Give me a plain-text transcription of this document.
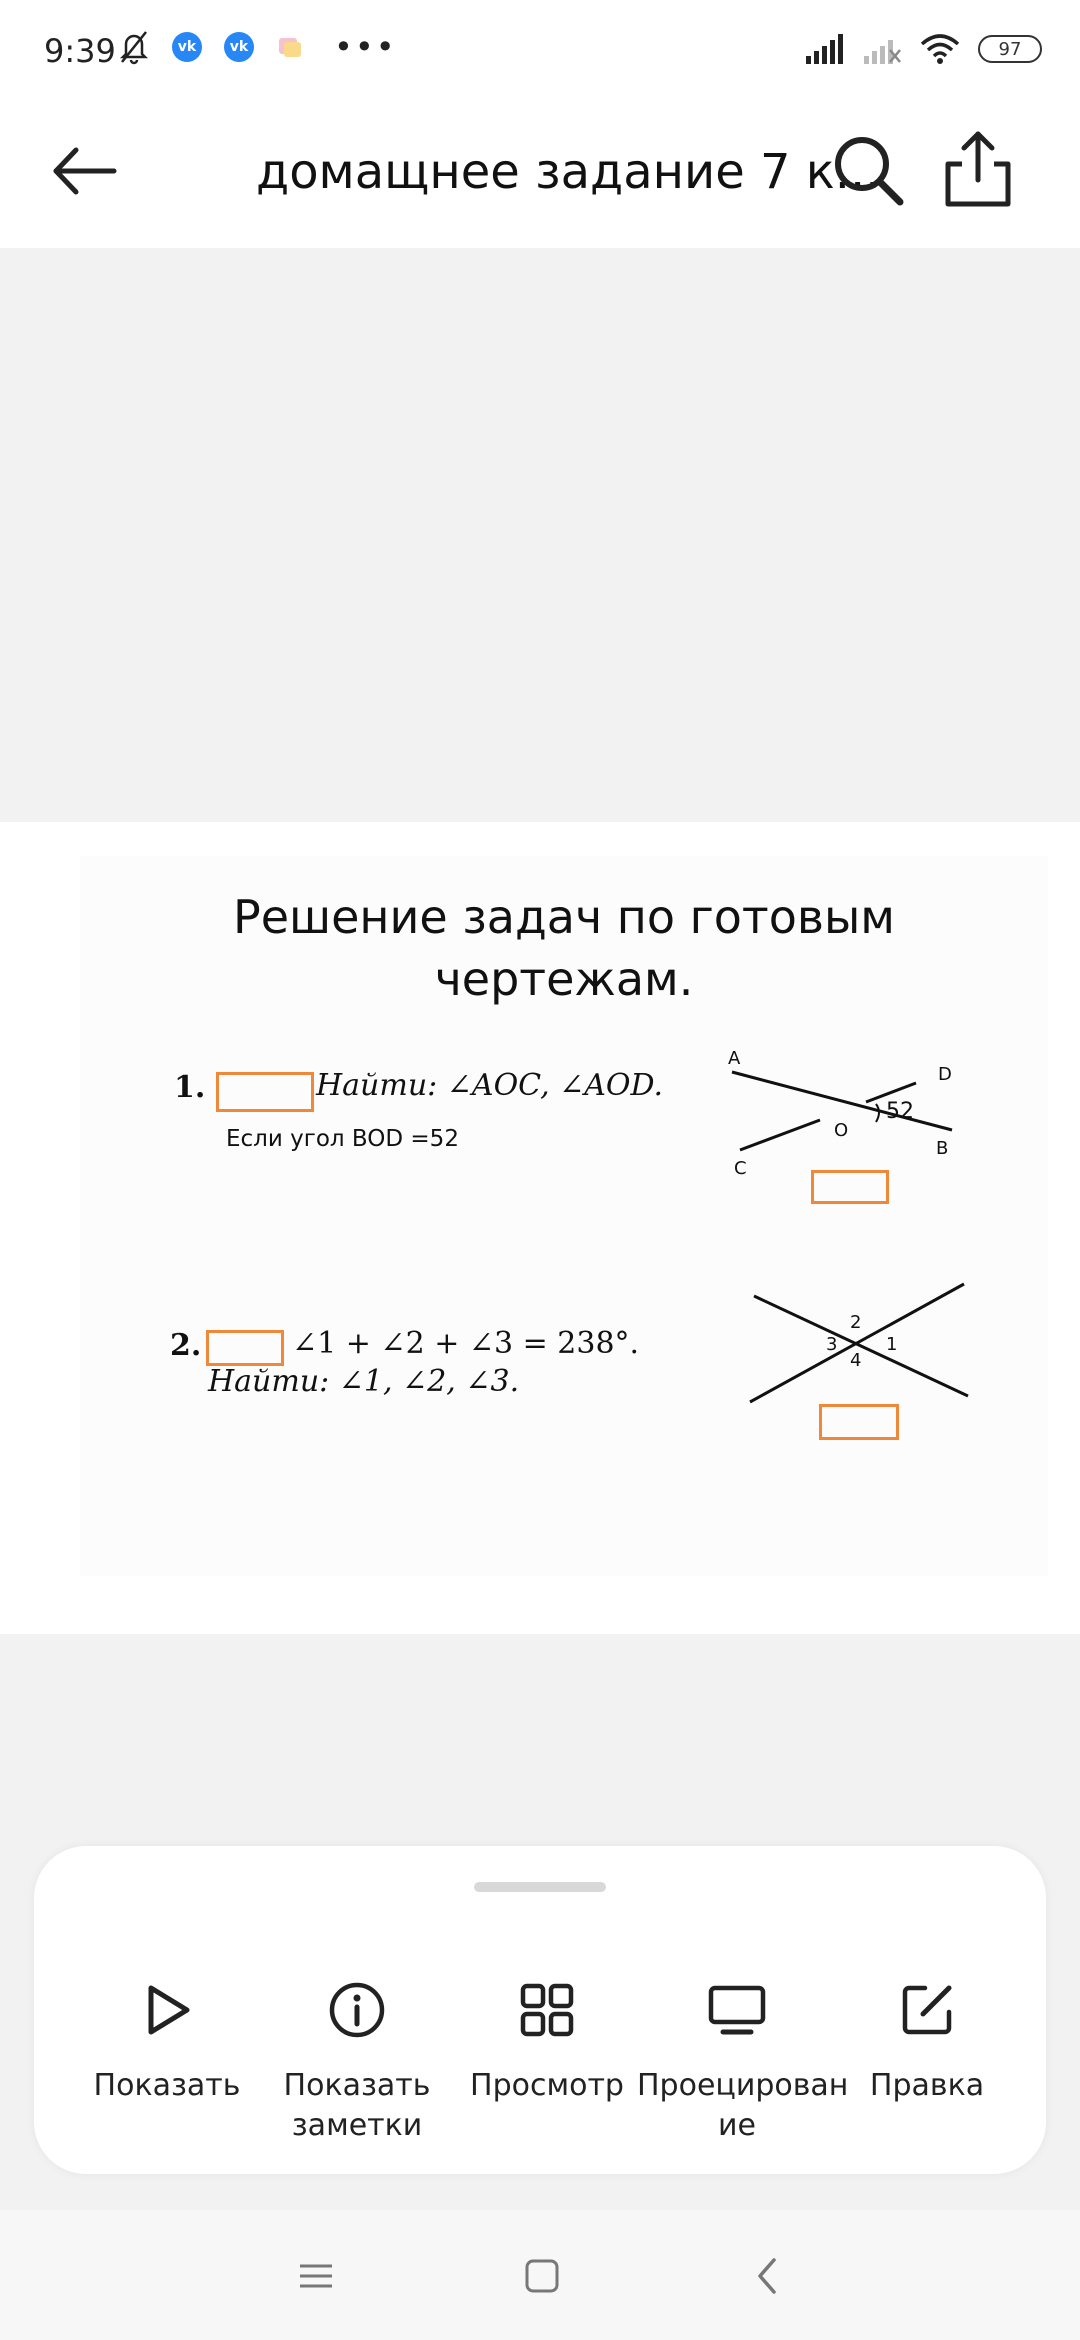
9:39	vk	vk	•••	97
домащнее задание 7 к...
Решение задач по готовым
чертежам.
1.	Найти: ∠AOC, ∠AOD.
Если угол BOD =52
A
D
O
52
B
C
2.	∠1 + ∠2 + ∠3 = 238°.
Найти: ∠1, ∠2, ∠3.
2
1
3
4
Показать Показать заметки
Просмотр Проецирован ие
Правка
